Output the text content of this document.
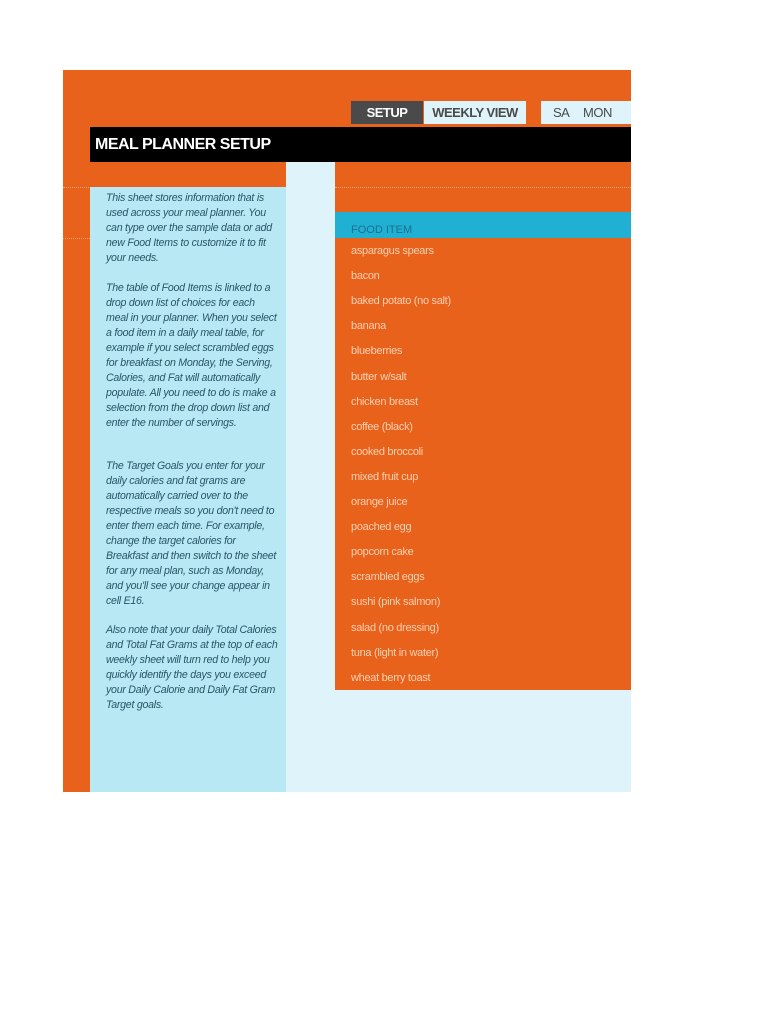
SETUP	WEEKLY VIEW	SA	MON
MEAL PLANNER SETUP
This sheet stores information that is used across your meal planner. You can type over the sample data or add new Food Items to customize it to fit your needs.
The table of Food Items is linked to a drop down list of choices for each meal in your planner. When you select a food item in a daily meal table, for example if you select scrambled eggs for breakfast on Monday, the Serving, Calories, and Fat will automatically populate. All you need to do is make a selection from the drop down list and enter the number of servings.
The Target Goals you enter for your daily calories and fat grams are automatically carried over to the respective meals so you don't need to enter them each time. For example, change the target calories for Breakfast and then switch to the sheet for any meal plan, such as Monday, and you'll see your change appear in cell E16.
Also note that your daily Total Calories and Total Fat Grams at the top of each weekly sheet will turn red to help you quickly identify the days you exceed your Daily Calorie and Daily Fat Gram Target goals.
FOOD ITEM
asparagus spears
bacon
baked potato (no salt)
banana
blueberries
butter w/salt
chicken breast
coffee (black)
cooked broccoli
mixed fruit cup
orange juice
poached egg
popcorn cake
scrambled eggs
sushi (pink salmon)
salad (no dressing)
tuna (light in water)
wheat berry toast
